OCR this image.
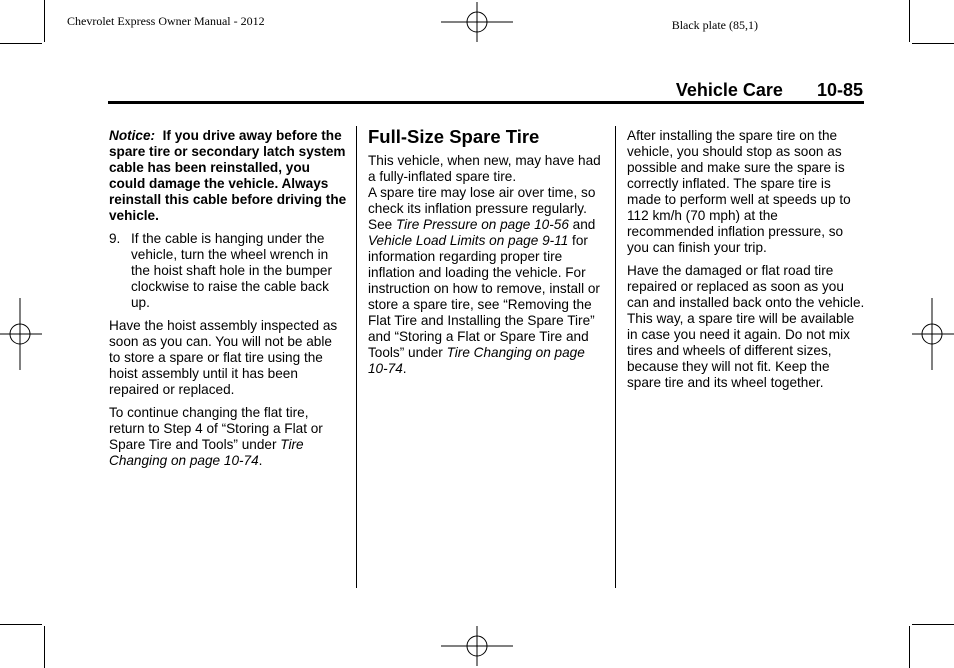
Chevrolet Express Owner Manual - 2012	Black plate (85,1)
Vehicle Care 10-85

Notice: If you drive away before the spare tire or secondary latch system cable has been reinstalled, you could damage the vehicle. Always reinstall this cable before driving the vehicle.

9. If the cable is hanging under the vehicle, turn the wheel wrench in the hoist shaft hole in the bumper clockwise to raise the cable back up.

Have the hoist assembly inspected as soon as you can. You will not be able to store a spare or flat tire using the hoist assembly until it has been repaired or replaced.

To continue changing the flat tire, return to Step 4 of “Storing a Flat or Spare Tire and Tools” under Tire Changing on page 10-74.

Full-Size Spare Tire

This vehicle, when new, may have had a fully-inflated spare tire.

A spare tire may lose air over time, so check its inflation pressure regularly. See Tire Pressure on page 10-56 and Vehicle Load Limits on page 9-11 for information regarding proper tire inflation and loading the vehicle. For instruction on how to remove, install or store a spare tire, see “Removing the Flat Tire and Installing the Spare Tire” and “Storing a Flat or Spare Tire and Tools” under Tire Changing on page 10-74.

After installing the spare tire on the vehicle, you should stop as soon as possible and make sure the spare is correctly inflated. The spare tire is made to perform well at speeds up to 112 km/h (70 mph) at the recommended inflation pressure, so you can finish your trip.

Have the damaged or flat road tire repaired or replaced as soon as you can and installed back onto the vehicle. This way, a spare tire will be available in case you need it again. Do not mix tires and wheels of different sizes, because they will not fit. Keep the spare tire and its wheel together.
